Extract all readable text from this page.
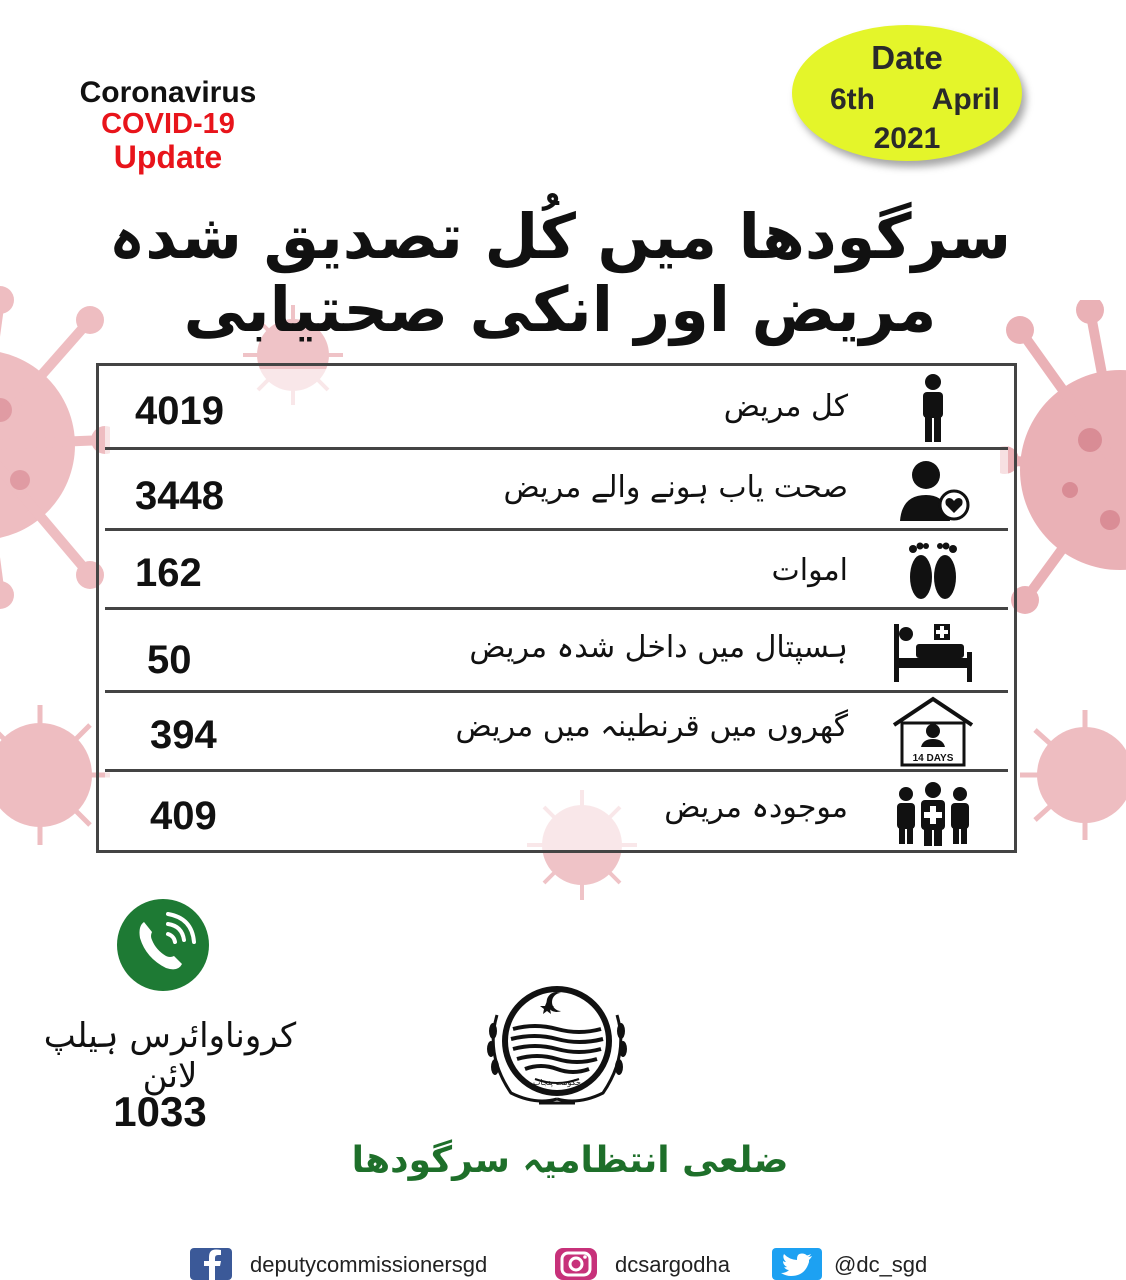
Coronavirus
COVID-19
Update
Date
6th April
2021
سرگودھا میں کُل تصدیق شدہ مریض اور انکی صحتیابی
4019	کل مریض
3448	صحت یاب ہونے والے مریض
162	اموات
50	ہسپتال میں داخل شدہ مریض
394	گھروں میں قرنطینہ میں مریض
14 DAYS
409	موجودہ مریض
کروناوائرس ہیلپ لائن
1033
حکومت پنجاب
ضلعی انتظامیہ سرگودھا
deputycommissionersgd	dcsargodha	@dc_sgd
